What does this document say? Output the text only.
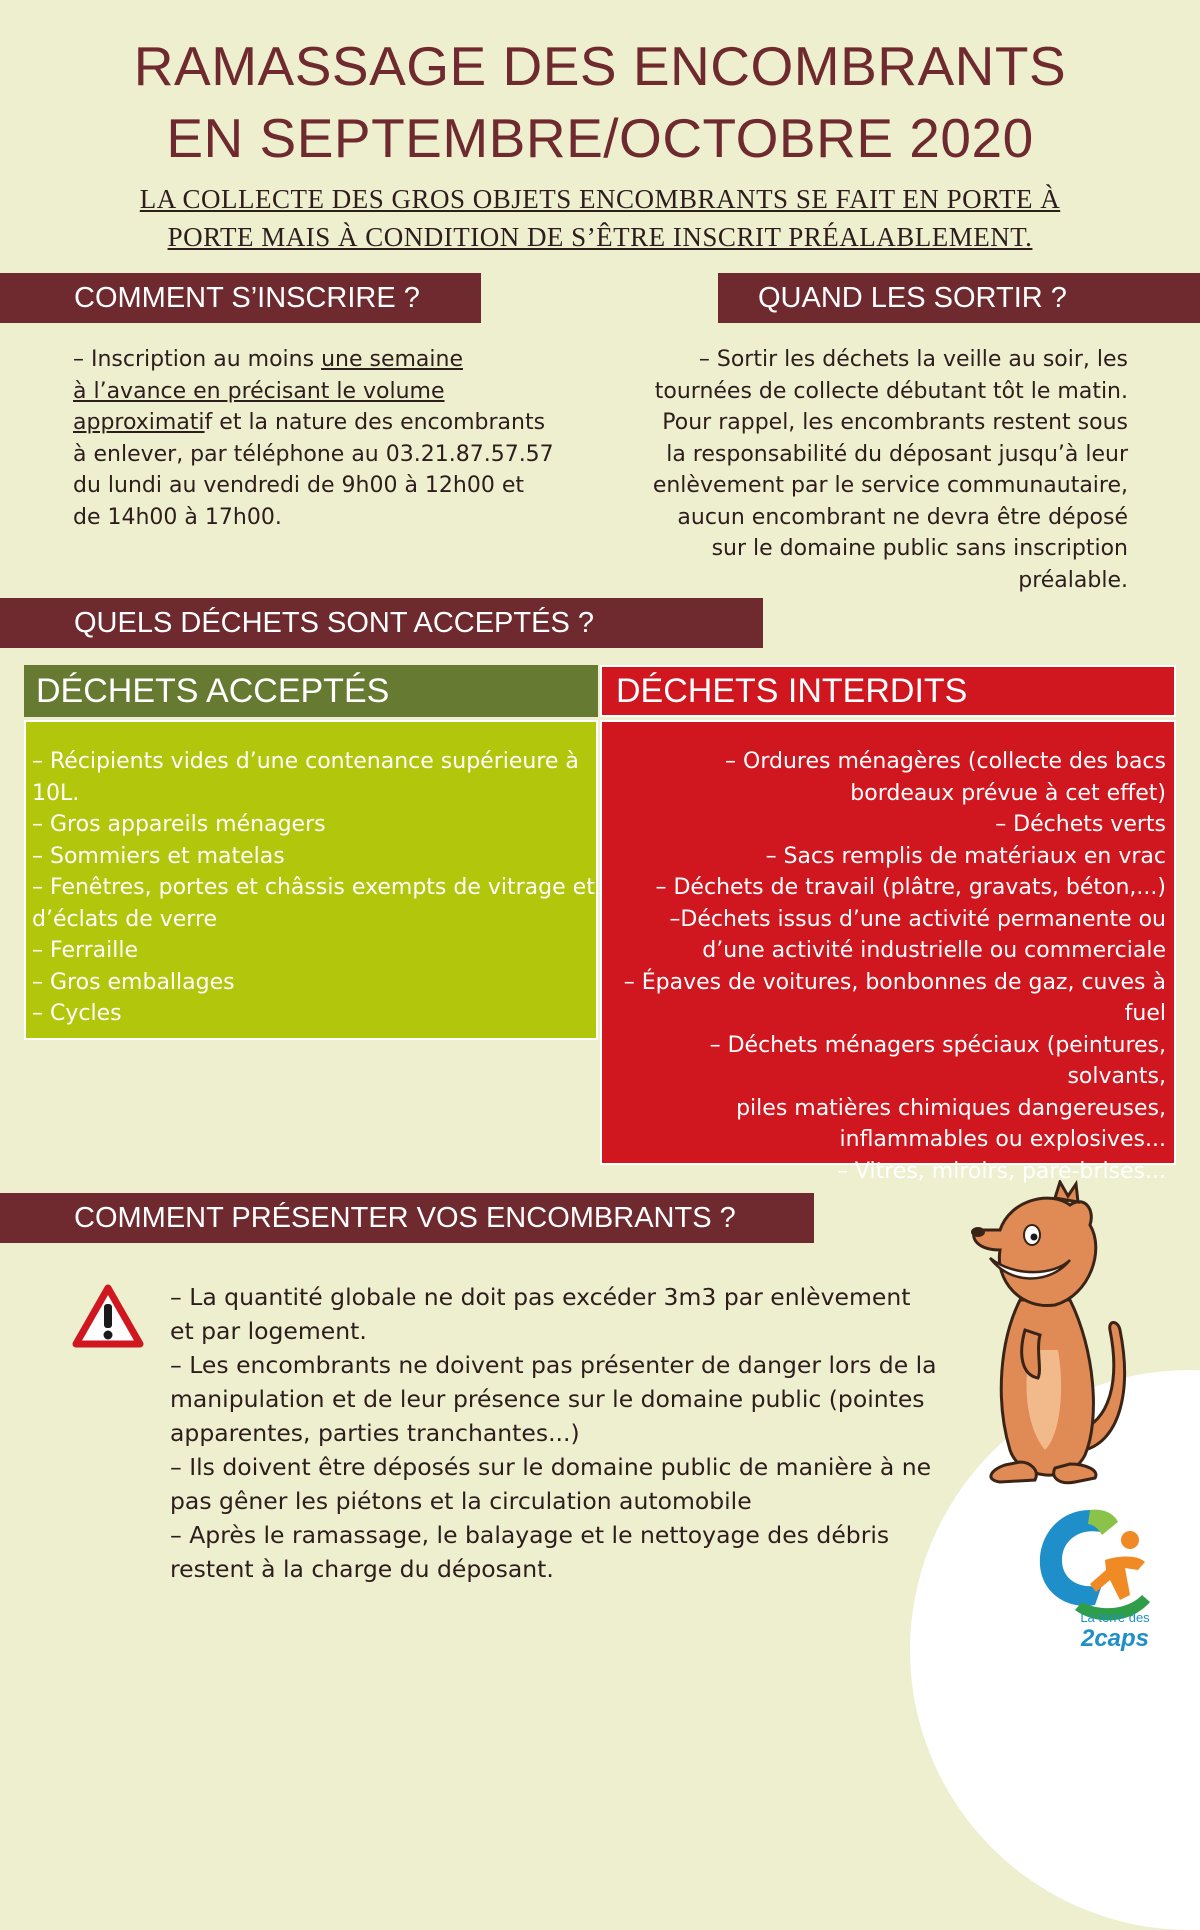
RAMASSAGE DES ENCOMBRANTS
EN SEPTEMBRE/OCTOBRE 2020
LA COLLECTE DES GROS OBJETS ENCOMBRANTS SE FAIT EN PORTE À
PORTE MAIS À CONDITION DE S’ÊTRE INSCRIT PRÉALABLEMENT.
COMMENT S’INSCRIRE ?
– Inscription au moins une semaine
à l’avance en précisant le volume
approximatif et la nature des encombrants
à enlever, par téléphone au 03.21.87.57.57
du lundi au vendredi de 9h00 à 12h00 et
de 14h00 à 17h00.
QUAND LES SORTIR ?
– Sortir les déchets la veille au soir, les
tournées de collecte débutant tôt le matin.
Pour rappel, les encombrants restent sous
la responsabilité du déposant jusqu’à leur
enlèvement par le service communautaire,
aucun encombrant ne devra être déposé
sur le domaine public sans inscription
préalable.
QUELS DÉCHETS SONT ACCEPTÉS ?
DÉCHETS ACCEPTÉS
– Récipients vides d’une contenance supérieure à
10L.
– Gros appareils ménagers
– Sommiers et matelas
– Fenêtres, portes et châssis exempts de vitrage et
d’éclats de verre
– Ferraille
– Gros emballages
– Cycles
DÉCHETS INTERDITS
– Ordures ménagères (collecte des bacs
bordeaux prévue à cet effet)
– Déchets verts
– Sacs remplis de matériaux en vrac
– Déchets de travail (plâtre, gravats, béton,...)
–Déchets issus d’une activité permanente ou
d’une activité industrielle ou commerciale
– Épaves de voitures, bonbonnes de gaz, cuves à
fuel
– Déchets ménagers spéciaux (peintures, solvants,
piles matières chimiques dangereuses,
inflammables ou explosives...
– Vitres, miroirs, pare-brises...
COMMENT PRÉSENTER VOS ENCOMBRANTS ?
– La quantité globale ne doit pas excéder 3m3 par enlèvement
et par logement.
– Les encombrants ne doivent pas présenter de danger lors de la
manipulation et de leur présence sur le domaine public (pointes
apparentes, parties tranchantes...)
– Ils doivent être déposés sur le domaine public de manière à ne
pas gêner les piétons et la circulation automobile
– Après le ramassage, le balayage et le nettoyage des débris
restent à la charge du déposant.
La terre des
2caps
